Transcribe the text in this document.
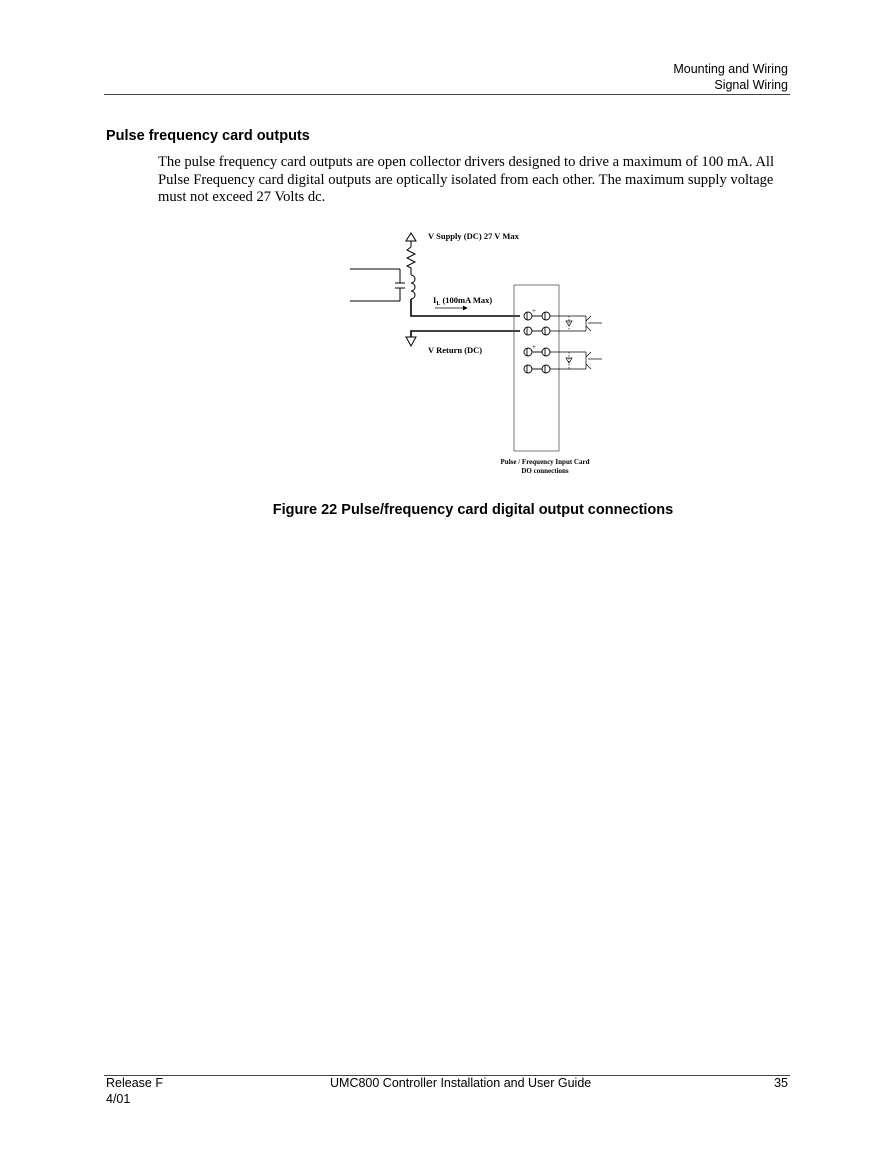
Mounting and Wiring
Signal Wiring
Pulse frequency card outputs
The pulse frequency card outputs are open collector drivers designed to drive a maximum of 100 mA. All Pulse Frequency card digital outputs are optically isolated from each other. The maximum supply voltage must not exceed 27 Volts dc.
V Supply (DC) 27 V Max
$I_L$ (100mA Max)
V Return (DC)
+
+
Pulse / Frequency Input Card
DO connections
Figure 22 Pulse/frequency card digital output connections
Release F
4/01
UMC800 Controller Installation and User Guide	35
